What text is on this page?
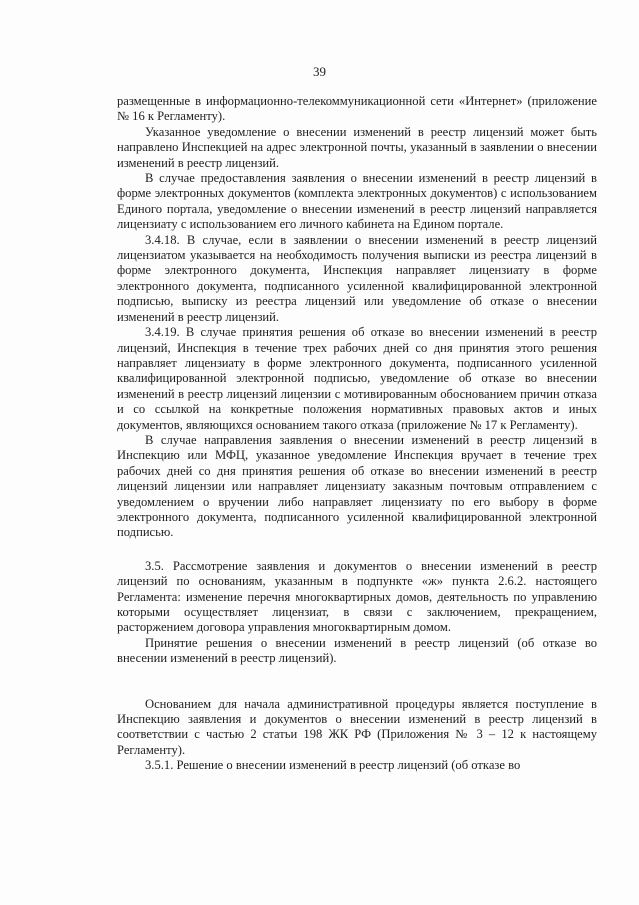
39

размещенные в информационно-телекоммуникационной сети «Интернет» (приложение № 16 к Регламенту).

Указанное уведомление о внесении изменений в реестр лицензий может быть направлено Инспекцией на адрес электронной почты, указанный в заявлении о внесении изменений в реестр лицензий.

В случае предоставления заявления о внесении изменений в реестр лицензий в форме электронных документов (комплекта электронных документов) с использованием Единого портала, уведомление о внесении изменений в реестр лицензий направляется лицензиату с использованием его личного кабинета на Едином портале.

3.4.18. В случае, если в заявлении о внесении изменений в реестр лицензий лицензиатом указывается на необходимость получения выписки из реестра лицензий в форме электронного документа, Инспекция направляет лицензиату в форме электронного документа, подписанного усиленной квалифицированной электронной подписью, выписку из реестра лицензий или уведомление об отказе о внесении изменений в реестр лицензий.

3.4.19. В случае принятия решения об отказе во внесении изменений в реестр лицензий, Инспекция в течение трех рабочих дней со дня принятия этого решения направляет лицензиату в форме электронного документа, подписанного усиленной квалифицированной электронной подписью, уведомление об отказе во внесении изменений в реестр лицензий лицензии с мотивированным обоснованием причин отказа и со ссылкой на конкретные положения нормативных правовых актов и иных документов, являющихся основанием такого отказа (приложение № 17 к Регламенту).

В случае направления заявления о внесении изменений в реестр лицензий в Инспекцию или МФЦ, указанное уведомление Инспекция вручает в течение трех рабочих дней со дня принятия решения об отказе во внесении изменений в реестр лицензий лицензии или направляет лицензиату заказным почтовым отправлением с уведомлением о вручении либо направляет лицензиату по его выбору в форме электронного документа, подписанного усиленной квалифицированной электронной подписью.

3.5. Рассмотрение заявления и документов о внесении изменений в реестр лицензий по основаниям, указанным в подпункте «ж» пункта 2.6.2. настоящего Регламента: изменение перечня многоквартирных домов, деятельность по управлению которыми осуществляет лицензиат, в связи с заключением, прекращением, расторжением договора управления многоквартирным домом.

Принятие решения о внесении изменений в реестр лицензий (об отказе во внесении изменений в реестр лицензий).

Основанием для начала административной процедуры является поступление в Инспекцию заявления и документов о внесении изменений в реестр лицензий в соответствии с частью 2 статьи 198 ЖК РФ (Приложения № 3 – 12 к настоящему Регламенту).

3.5.1. Решение о внесении изменений в реестр лицензий (об отказе во
